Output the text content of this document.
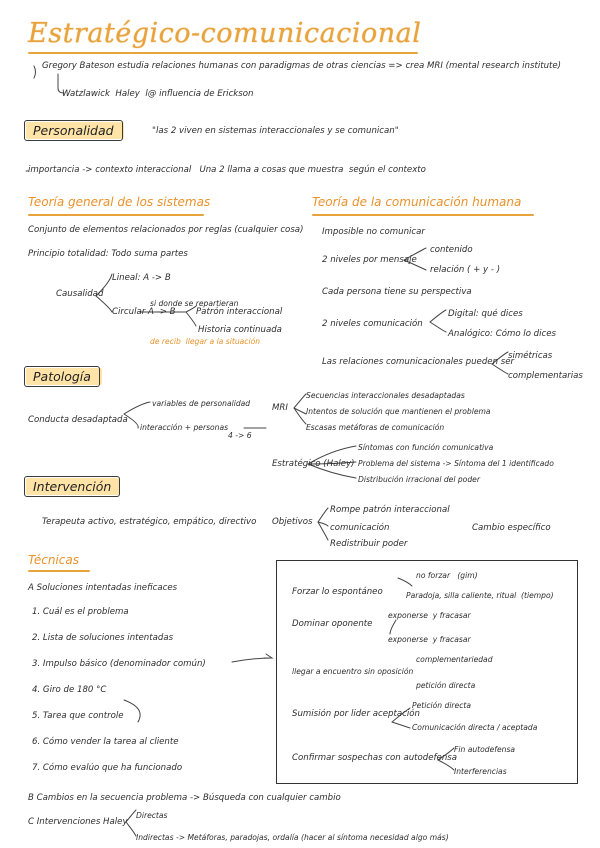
Estratégico-comunicacional
Gregory Bateson estudia relaciones humanas con paradigmas de otras ciencias => crea MRI (mental research institute)
Watzlawick  Haley  l@ influencia de Erickson
Personalidad	"las 2 viven en sistemas interaccionales y se comunican"
importancia -> contexto interaccional   Una 2 llama a cosas que muestra  según el contexto
Teoría general de los sistemas
Conjunto de elementos relacionados por reglas (cualquier cosa)
Principio totalidad: Todo suma partes
Causalidad
Lineal: A -> B
Circular A -> B
si donde se repartieran
Patrón interaccional
Historia continuada
de recib  llegar a la situación
Teoría de la comunicación humana
Imposible no comunicar
2 niveles por mensaje
contenido
relación ( + y - )
Cada persona tiene su perspectiva
2 niveles comunicación
Digital: qué dices
Analógico: Cómo lo dices
Las relaciones comunicacionales pueden ser
simétricas
complementarias
Patología
Conducta desadaptada
variables de personalidad
interacción + personas
4 -> 6
MRI
Secuencias interaccionales desadaptadas
Intentos de solución que mantienen el problema
Escasas metáforas de comunicación
Estratégico (Haley)
Síntomas con función comunicativa
Problema del sistema -> Síntoma del 1 identificado
Distribución irracional del poder
Intervención
Terapeuta activo, estratégico, empático, directivo Objetivos
Rompe patrón interaccional
comunicación
Redistribuir poder
Cambio específico
Técnicas
A Soluciones intentadas ineficaces
1. Cuál es el problema
2. Lista de soluciones intentadas
3. Impulso básico (denominador común)
4. Giro de 180 °C
5. Tarea que controle
6. Cómo vender la tarea al cliente
7. Cómo evalúo que ha funcionado
B Cambios en la secuencia problema -> Búsqueda con cualquier cambio
C Intervenciones Haley
Directas
Indirectas -> Metáforas, paradojas, ordalía (hacer al síntoma necesidad algo más)
Forzar lo espontáneo
no forzar   (gim)
Paradoja, silla caliente, ritual  (tiempo)
Dominar oponente
exponerse  y fracasar
exponerse  y fracasar
complementariedad
llegar a encuentro sin oposición
petición directa
Sumisión por lider aceptación
Petición directa
Comunicación directa / aceptada
Confirmar sospechas con autodefensa
Fin autodefensa
Interferencias
